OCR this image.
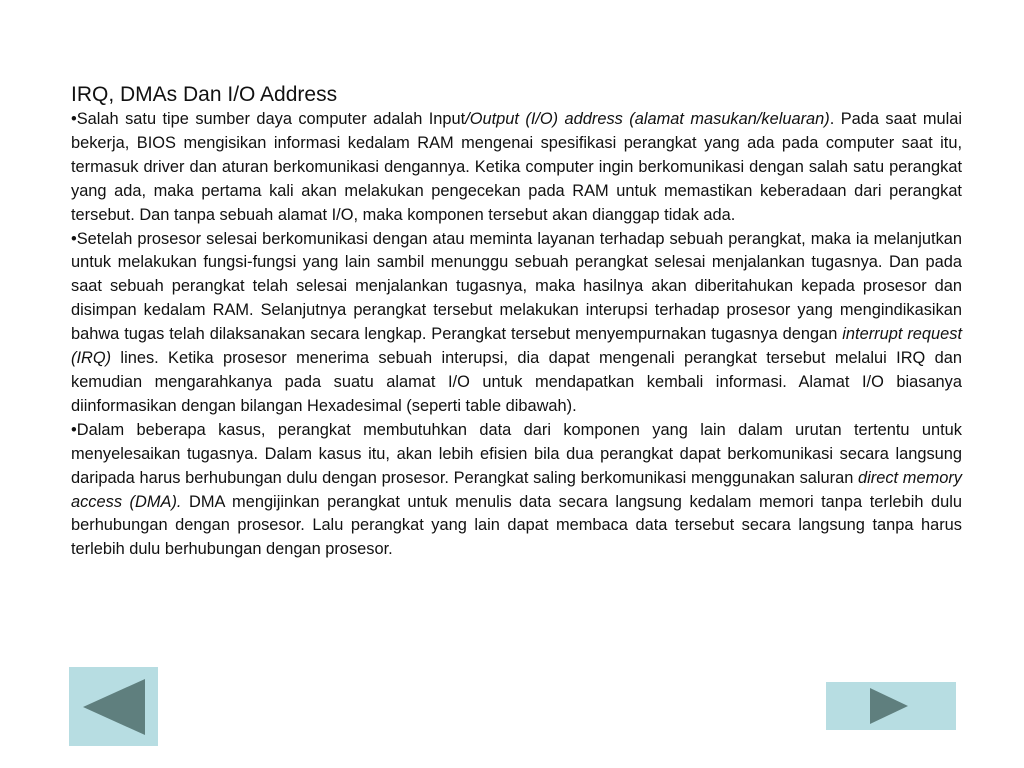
IRQ, DMAs Dan I/O Address

•Salah satu tipe sumber daya computer adalah Input/Output (I/O) address (alamat masukan/keluaran). Pada saat mulai bekerja, BIOS mengisikan informasi kedalam RAM mengenai spesifikasi perangkat yang ada pada computer saat itu, termasuk driver dan aturan berkomunikasi dengannya. Ketika computer ingin berkomunikasi dengan salah satu perangkat yang ada, maka pertama kali akan melakukan pengecekan pada RAM untuk memastikan keberadaan dari perangkat tersebut. Dan tanpa sebuah alamat I/O, maka komponen tersebut akan dianggap tidak ada.

•Setelah prosesor selesai berkomunikasi dengan atau meminta layanan terhadap sebuah perangkat, maka ia melanjutkan untuk melakukan fungsi-fungsi yang lain sambil menunggu sebuah perangkat selesai menjalankan tugasnya. Dan pada saat sebuah perangkat telah selesai menjalankan tugasnya, maka hasilnya akan diberitahukan kepada prosesor dan disimpan kedalam RAM. Selanjutnya perangkat tersebut melakukan interupsi terhadap prosesor yang mengindikasikan bahwa tugas telah dilaksanakan secara lengkap. Perangkat tersebut menyempurnakan tugasnya dengan interrupt request (IRQ) lines. Ketika prosesor menerima sebuah interupsi, dia dapat mengenali perangkat tersebut melalui IRQ dan kemudian mengarahkanya pada suatu alamat I/O untuk mendapatkan kembali informasi. Alamat I/O biasanya diinformasikan dengan bilangan Hexadesimal (seperti table dibawah).

•Dalam beberapa kasus, perangkat membutuhkan data dari komponen yang lain dalam urutan tertentu untuk menyelesaikan tugasnya. Dalam kasus itu, akan lebih efisien bila dua perangkat dapat berkomunikasi secara langsung daripada harus berhubungan dulu dengan prosesor. Perangkat saling berkomunikasi menggunakan saluran direct memory access (DMA). DMA mengijinkan perangkat untuk menulis data secara langsung kedalam memori tanpa terlebih dulu berhubungan dengan prosesor. Lalu perangkat yang lain dapat membaca data tersebut secara langsung tanpa harus terlebih dulu berhubungan dengan prosesor.
